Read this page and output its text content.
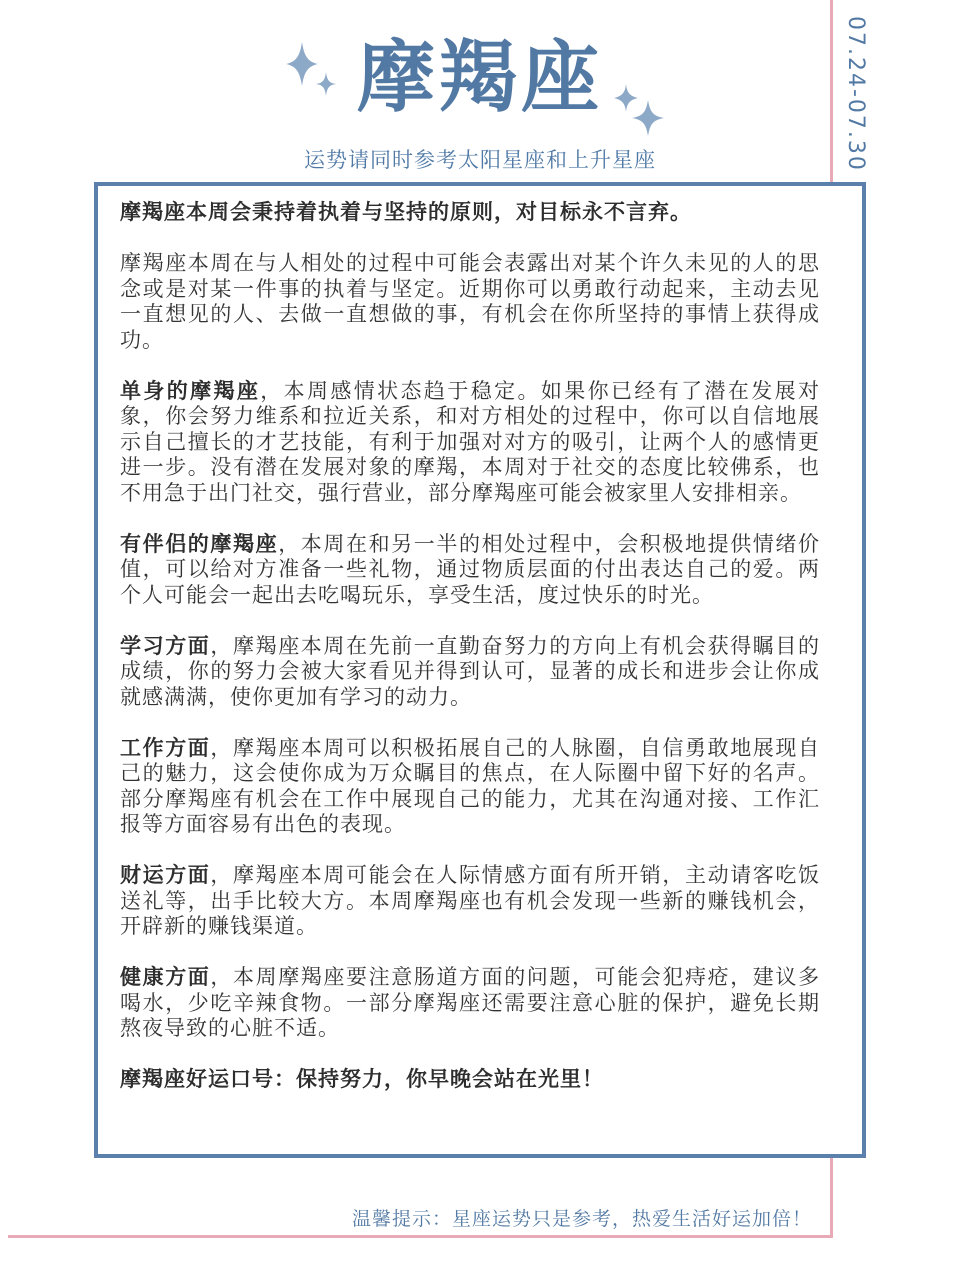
摩羯座
运势请同时参考太阳星座和上升星座	07.24-07.30

摩羯座本周会秉持着执着与坚持的原则，对目标永不言弃。

摩羯座本周在与人相处的过程中可能会表露出对某个许久未见的人的思念或是对某一件事的执着与坚定。近期你可以勇敢行动起来，主动去见一直想见的人、去做一直想做的事，有机会在你所坚持的事情上获得成功。

单身的摩羯座，本周感情状态趋于稳定。如果你已经有了潜在发展对象，你会努力维系和拉近关系，和对方相处的过程中，你可以自信地展示自己擅长的才艺技能，有利于加强对对方的吸引，让两个人的感情更进一步。没有潜在发展对象的摩羯，本周对于社交的态度比较佛系，也不用急于出门社交，强行营业，部分摩羯座可能会被家里人安排相亲。

有伴侣的摩羯座，本周在和另一半的相处过程中，会积极地提供情绪价值，可以给对方准备一些礼物，通过物质层面的付出表达自己的爱。两个人可能会一起出去吃喝玩乐，享受生活，度过快乐的时光。

学习方面，摩羯座本周在先前一直勤奋努力的方向上有机会获得瞩目的成绩，你的努力会被大家看见并得到认可，显著的成长和进步会让你成就感满满，使你更加有学习的动力。

工作方面，摩羯座本周可以积极拓展自己的人脉圈，自信勇敢地展现自己的魅力，这会使你成为万众瞩目的焦点，在人际圈中留下好的名声。部分摩羯座有机会在工作中展现自己的能力，尤其在沟通对接、工作汇报等方面容易有出色的表现。

财运方面，摩羯座本周可能会在人际情感方面有所开销，主动请客吃饭送礼等，出手比较大方。本周摩羯座也有机会发现一些新的赚钱机会，开辟新的赚钱渠道。

健康方面，本周摩羯座要注意肠道方面的问题，可能会犯痔疮，建议多喝水，少吃辛辣食物。一部分摩羯座还需要注意心脏的保护，避免长期熬夜导致的心脏不适。

摩羯座好运口号：保持努力，你早晚会站在光里！

温馨提示：星座运势只是参考，热爱生活好运加倍！
